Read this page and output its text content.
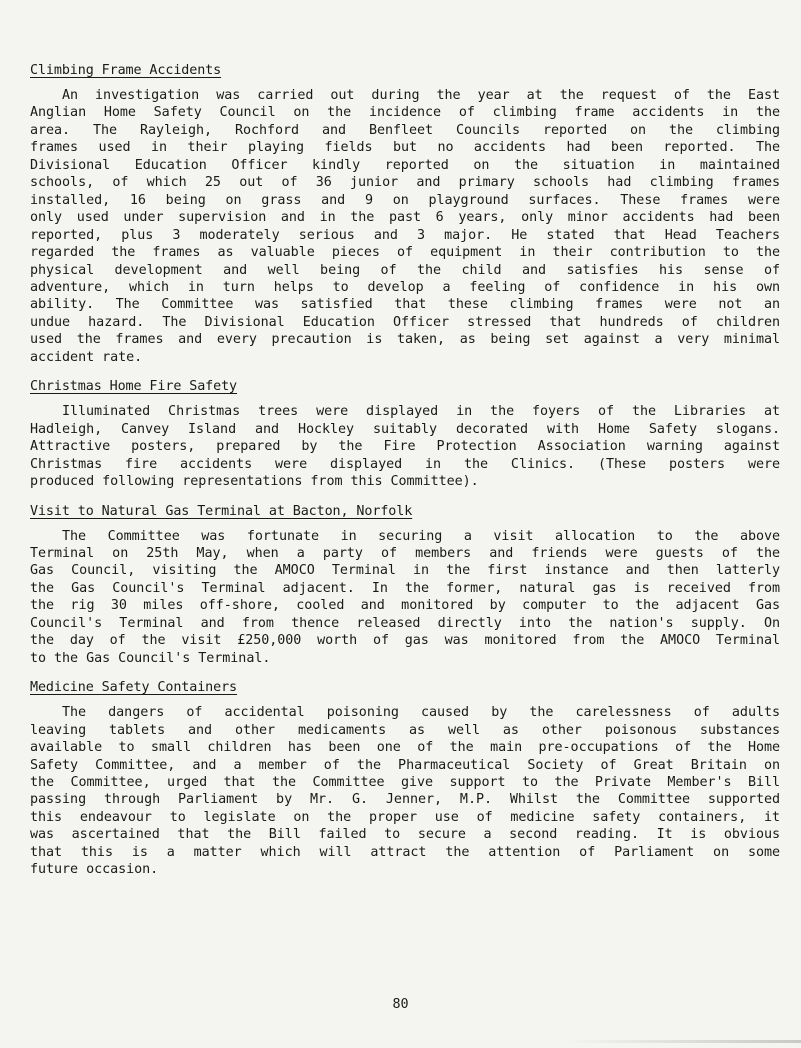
Climbing Frame Accidents
An investigation was carried out during the year at the request of the East
Anglian Home Safety Council on the incidence of climbing frame accidents in the
area. The Rayleigh, Rochford and Benfleet Councils reported on the climbing
frames used in their playing fields but no accidents had been reported. The
Divisional Education Officer kindly reported on the situation in maintained
schools, of which 25 out of 36 junior and primary schools had climbing frames
installed, 16 being on grass and 9 on playground surfaces. These frames were
only used under supervision and in the past 6 years, only minor accidents had been
reported, plus 3 moderately serious and 3 major. He stated that Head Teachers
regarded the frames as valuable pieces of equipment in their contribution to the
physical development and well being of the child and satisfies his sense of
adventure, which in turn helps to develop a feeling of confidence in his own
ability. The Committee was satisfied that these climbing frames were not an
undue hazard. The Divisional Education Officer stressed that hundreds of children
used the frames and every precaution is taken, as being set against a very minimal
accident rate.
Christmas Home Fire Safety
Illuminated Christmas trees were displayed in the foyers of the Libraries at
Hadleigh, Canvey Island and Hockley suitably decorated with Home Safety slogans.
Attractive posters, prepared by the Fire Protection Association warning against
Christmas fire accidents were displayed in the Clinics. (These posters were
produced following representations from this Committee).
Visit to Natural Gas Terminal at Bacton, Norfolk
The Committee was fortunate in securing a visit allocation to the above
Terminal on 25th May, when a party of members and friends were guests of the
Gas Council, visiting the AMOCO Terminal in the first instance and then latterly
the Gas Council's Terminal adjacent. In the former, natural gas is received from
the rig 30 miles off-shore, cooled and monitored by computer to the adjacent Gas
Council's Terminal and from thence released directly into the nation's supply. On
the day of the visit £250,000 worth of gas was monitored from the AMOCO Terminal
to the Gas Council's Terminal.
Medicine Safety Containers
The dangers of accidental poisoning caused by the carelessness of adults
leaving tablets and other medicaments as well as other poisonous substances
available to small children has been one of the main pre-occupations of the Home
Safety Committee, and a member of the Pharmaceutical Society of Great Britain on
the Committee, urged that the Committee give support to the Private Member's Bill
passing through Parliament by Mr. G. Jenner, M.P. Whilst the Committee supported
this endeavour to legislate on the proper use of medicine safety containers, it
was ascertained that the Bill failed to secure a second reading. It is obvious
that this is a matter which will attract the attention of Parliament on some
future occasion.
80
